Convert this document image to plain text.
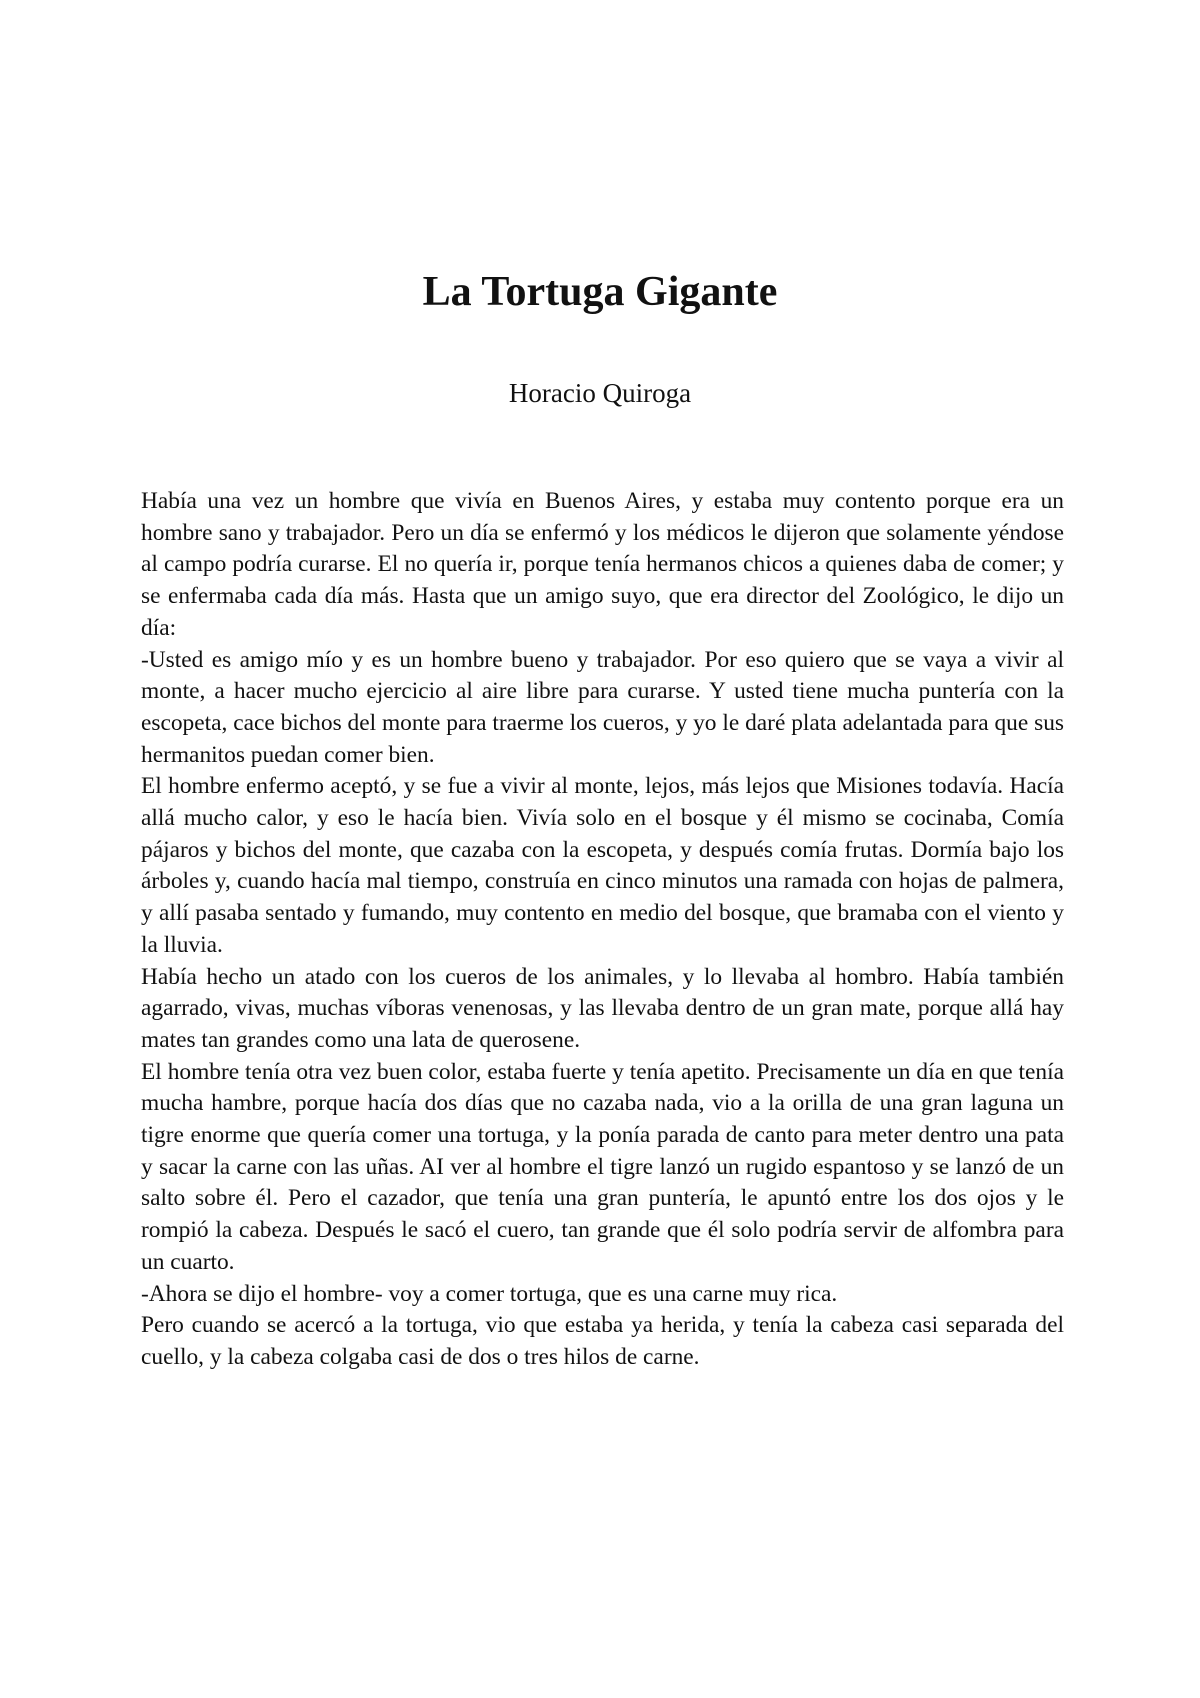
La Tortuga Gigante

Horacio Quiroga

Había una vez un hombre que vivía en Buenos Aires, y estaba muy contento porque era un hombre sano y trabajador. Pero un día se enfermó y los médicos le dijeron que solamente yéndose al campo podría curarse. El no quería ir, porque tenía hermanos chicos a quienes daba de comer; y se enfermaba cada día más. Hasta que un amigo suyo, que era director del Zoológico, le dijo un día:

-Usted es amigo mío y es un hombre bueno y trabajador. Por eso quiero que se vaya a vivir al monte, a hacer mucho ejercicio al aire libre para curarse. Y usted tiene mucha puntería con la escopeta, cace bichos del monte para traerme los cueros, y yo le daré plata adelantada para que sus hermanitos puedan comer bien.

El hombre enfermo aceptó, y se fue a vivir al monte, lejos, más lejos que Misiones todavía. Hacía allá mucho calor, y eso le hacía bien. Vivía solo en el bosque y él mismo se cocinaba, Comía pájaros y bichos del monte, que cazaba con la escopeta, y después comía frutas. Dormía bajo los árboles y, cuando hacía mal tiempo, construía en cinco minutos una ramada con hojas de palmera, y allí pasaba sentado y fumando, muy contento en medio del bosque, que bramaba con el viento y la lluvia.

Había hecho un atado con los cueros de los animales, y lo llevaba al hombro. Había también agarrado, vivas, muchas víboras venenosas, y las llevaba dentro de un gran mate, porque allá hay mates tan grandes como una lata de querosene.

El hombre tenía otra vez buen color, estaba fuerte y tenía apetito. Precisamente un día en que tenía mucha hambre, porque hacía dos días que no cazaba nada, vio a la orilla de una gran laguna un tigre enorme que quería comer una tortuga, y la ponía parada de canto para meter dentro una pata y sacar la carne con las uñas. AI ver al hombre el tigre lanzó un rugido espantoso y se lanzó de un salto sobre él. Pero el cazador, que tenía una gran puntería, le apuntó entre los dos ojos y le rompió la cabeza. Después le sacó el cuero, tan grande que él solo podría servir de alfombra para un cuarto.

-Ahora se dijo el hombre- voy a comer tortuga, que es una carne muy rica.

Pero cuando se acercó a la tortuga, vio que estaba ya herida, y tenía la cabeza casi separada del cuello, y la cabeza colgaba casi de dos o tres hilos de carne.
